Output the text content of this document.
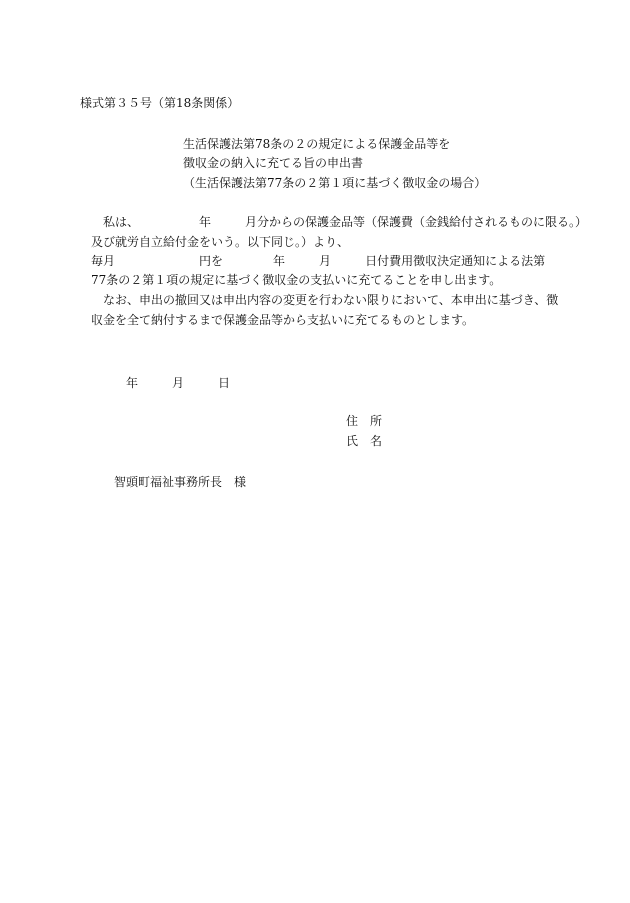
様式第３５号（第18条関係）
生活保護法第78条の２の規定による保護金品等を
徴収金の納入に充てる旨の申出書
（生活保護法第77条の２第１項に基づく徴収金の場合）
私は、	年	月分からの保護金品等（保護費（金銭給付されるものに限る。）
及び就労自立給付金をいう。以下同じ。）より、
毎月	円を	年	月	日付費用徴収決定通知による法第
77条の２第１項の規定に基づく徴収金の支払いに充てることを申し出ます。
なお、申出の撤回又は申出内容の変更を行わない限りにおいて、本申出に基づき、徴
収金を全て納付するまで保護金品等から支払いに充てるものとします。
年	月	日
住　所
氏　名
智頭町福祉事務所長　様
